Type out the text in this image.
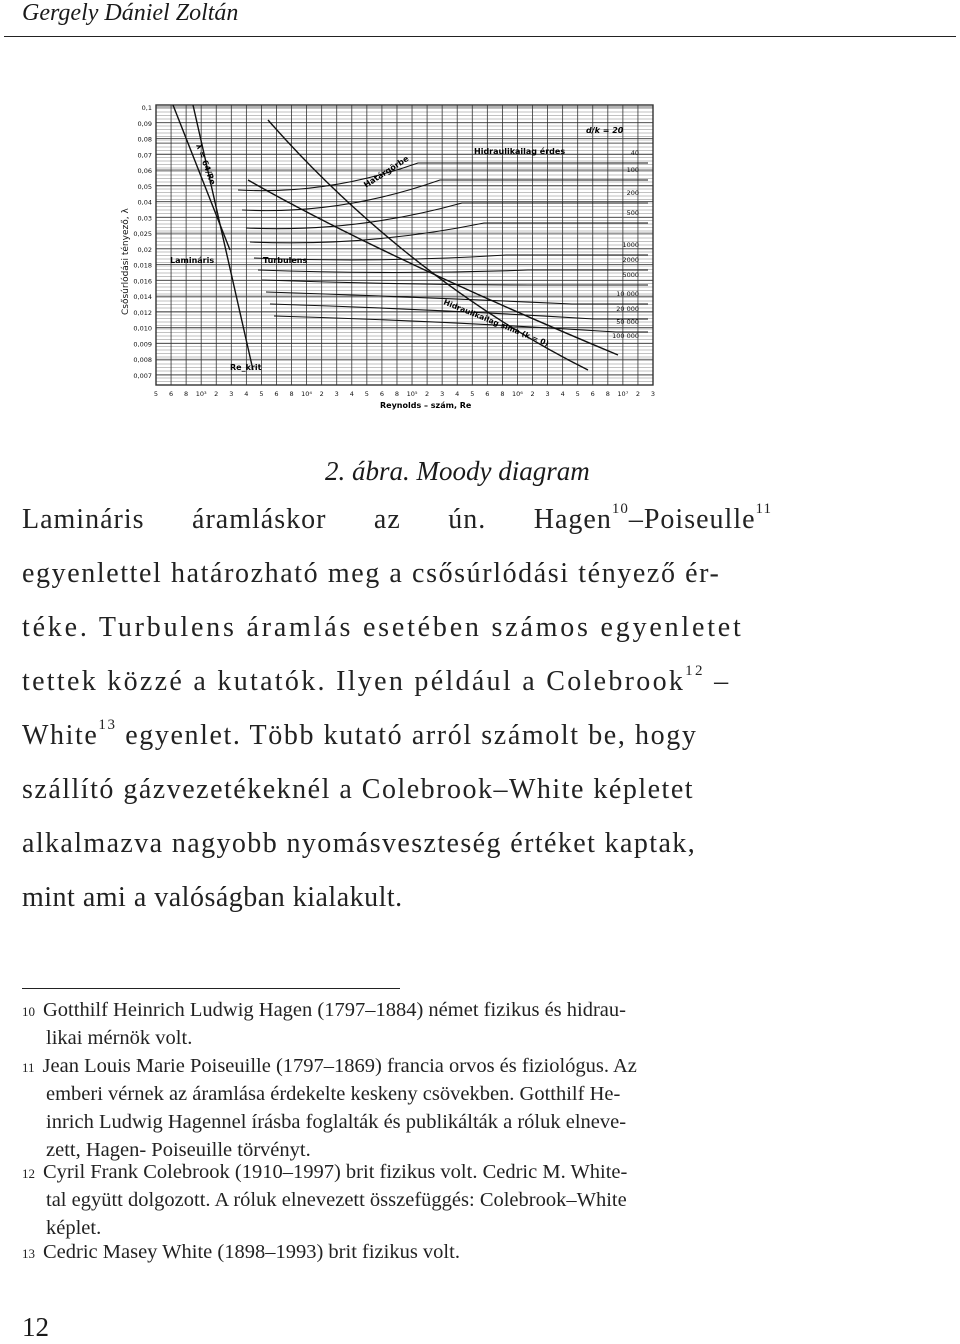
Gergely Dániel Zoltán
Csősúrlódási tényező, λ
0,1
0,09
0,08
0,07
0,06
0,05
0,04
0,03
0,025
0,02
0,018
0,016
0,014
0,012
0,010
0,009
0,008
0,007
Lamináris	Turbulens
Határgörbe
Hidraulikailag érdes
Hidraulikailag sima (k = 0)
Re_krit
λ = 64/Re
d/k = 20
40
100
200
500
1000
2000
5000
10 000
20 000
50 000
100 000
5 6 8 10³ 2 3 4 5 6 8 10⁴ 2 3 4 5 6 8 10⁵ 2 3 4 5 6 8 10⁶ 2 3 4 5 6 8 10⁷ 2 3
Reynolds – szám, Re
2. ábra. Moody diagram
Lamináris áramláskor az ún. Hagen$^{10}$–Poiseulle$^{11}$
egyenlettel határozható meg a csősúrlódási tényező ér-
téke. Turbulens áramlás esetében számos egyenletet
tettek közzé a kutatók. Ilyen például a Colebrook$^{12}$ –
White$^{13}$ egyenlet. Több kutató arról számolt be, hogy
szállító gázvezetékeknél a Colebrook–White képletet
alkalmazva nagyobb nyomásveszteség értéket kaptak,
mint ami a valóságban kialakult.
$^{10}$ Gotthilf Heinrich Ludwig Hagen (1797–1884) német fizikus és hidrau-
likai mérnök volt.
$^{11}$ Jean Louis Marie Poiseuille (1797–1869) francia orvos és fiziológus. Az
emberi vérnek az áramlása érdekelte keskeny csövekben. Gotthilf He-
inrich Ludwig Hagennel írásba foglalták és publikálták a róluk elneve-
zett, Hagen- Poiseuille törvényt.
$^{12}$ Cyril Frank Colebrook (1910–1997) brit fizikus volt. Cedric M. White-
tal együtt dolgozott. A róluk elnevezett összefüggés: Colebrook–White
képlet.
$^{13}$ Cedric Masey White (1898–1993) brit fizikus volt.
12
